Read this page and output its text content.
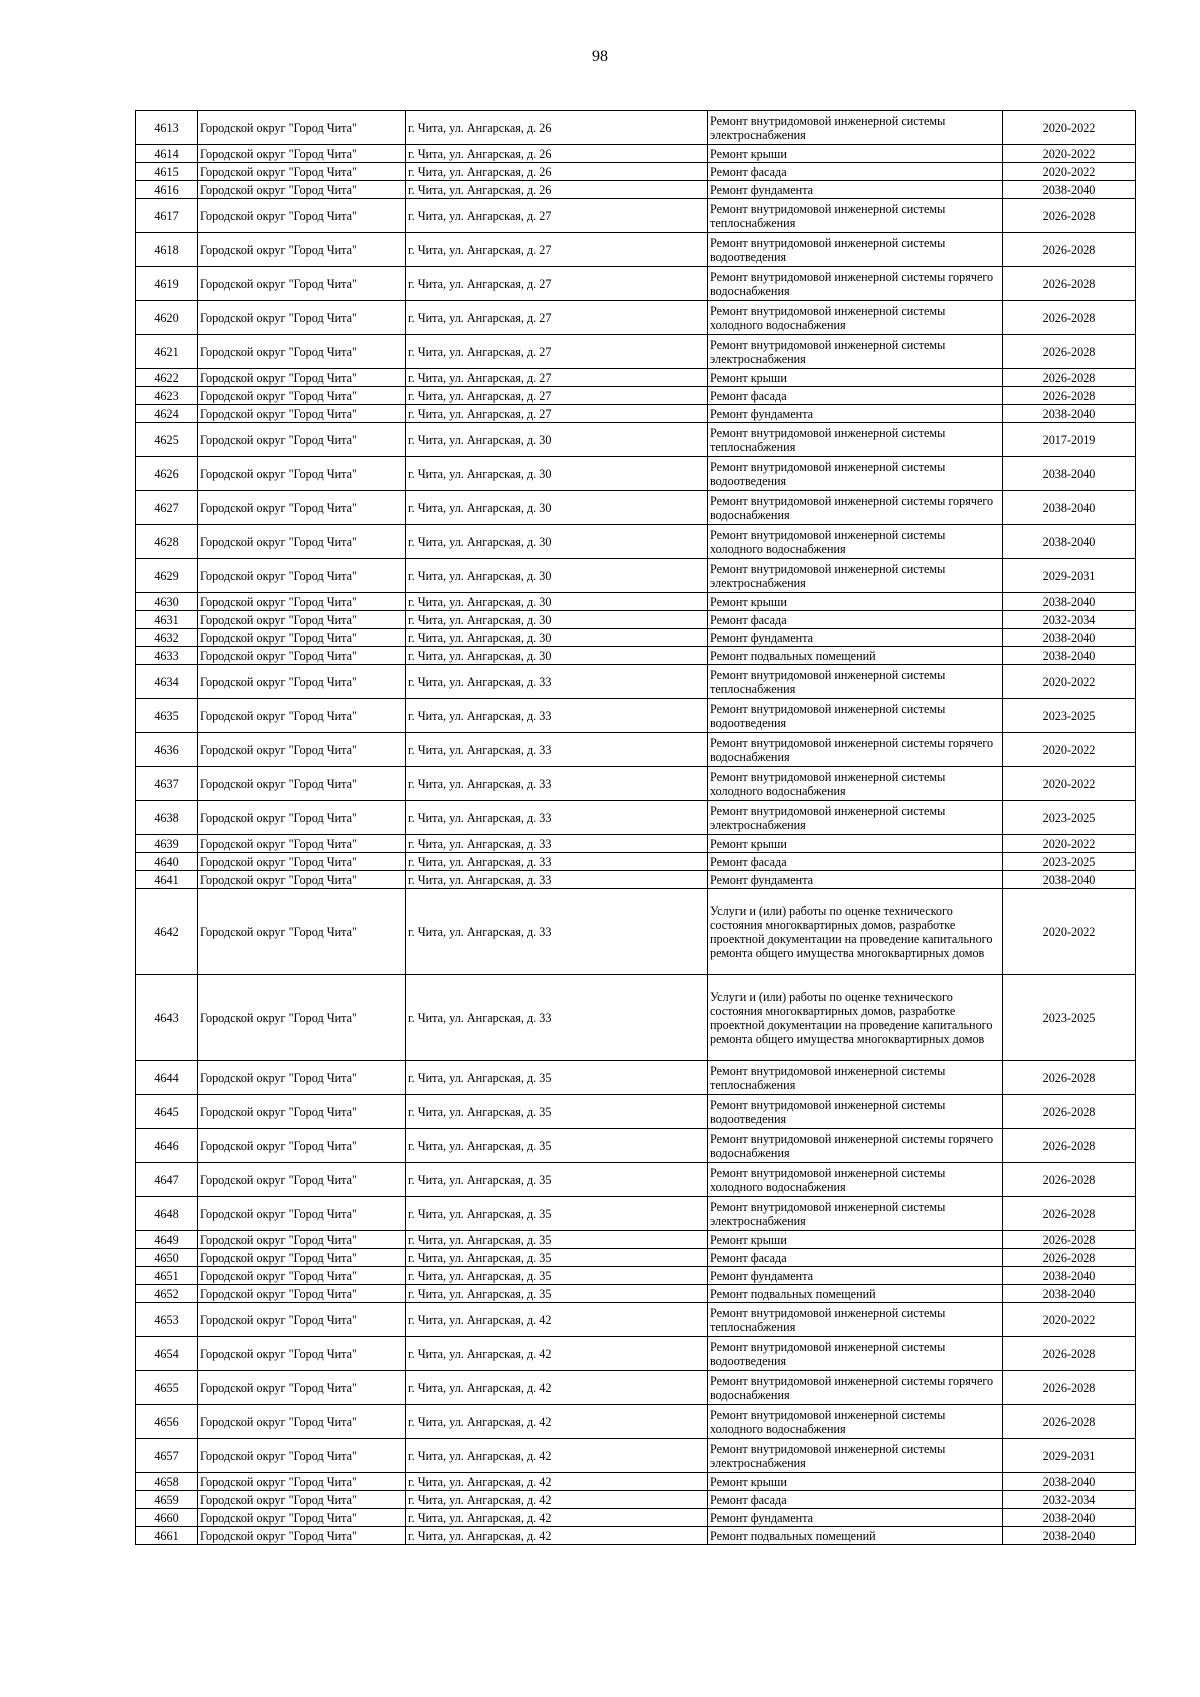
98
4613	Городской округ "Город Чита"	г. Чита, ул. Ангарская, д. 26	Ремонт внутридомовой инженерной системы электроснабжения	2020-2022
4614	Городской округ "Город Чита"	г. Чита, ул. Ангарская, д. 26	Ремонт крыши	2020-2022
4615	Городской округ "Город Чита"	г. Чита, ул. Ангарская, д. 26	Ремонт фасада	2020-2022
4616	Городской округ "Город Чита"	г. Чита, ул. Ангарская, д. 26	Ремонт фундамента	2038-2040
4617	Городской округ "Город Чита"	г. Чита, ул. Ангарская, д. 27	Ремонт внутридомовой инженерной системы теплоснабжения	2026-2028
4618	Городской округ "Город Чита"	г. Чита, ул. Ангарская, д. 27	Ремонт внутридомовой инженерной системы водоотведения	2026-2028
4619	Городской округ "Город Чита"	г. Чита, ул. Ангарская, д. 27	Ремонт внутридомовой инженерной системы горячего водоснабжения	2026-2028
4620	Городской округ "Город Чита"	г. Чита, ул. Ангарская, д. 27	Ремонт внутридомовой инженерной системы холодного водоснабжения	2026-2028
4621	Городской округ "Город Чита"	г. Чита, ул. Ангарская, д. 27	Ремонт внутридомовой инженерной системы электроснабжения	2026-2028
4622	Городской округ "Город Чита"	г. Чита, ул. Ангарская, д. 27	Ремонт крыши	2026-2028
4623	Городской округ "Город Чита"	г. Чита, ул. Ангарская, д. 27	Ремонт фасада	2026-2028
4624	Городской округ "Город Чита"	г. Чита, ул. Ангарская, д. 27	Ремонт фундамента	2038-2040
4625	Городской округ "Город Чита"	г. Чита, ул. Ангарская, д. 30	Ремонт внутридомовой инженерной системы теплоснабжения	2017-2019
4626	Городской округ "Город Чита"	г. Чита, ул. Ангарская, д. 30	Ремонт внутридомовой инженерной системы водоотведения	2038-2040
4627	Городской округ "Город Чита"	г. Чита, ул. Ангарская, д. 30	Ремонт внутридомовой инженерной системы горячего водоснабжения	2038-2040
4628	Городской округ "Город Чита"	г. Чита, ул. Ангарская, д. 30	Ремонт внутридомовой инженерной системы холодного водоснабжения	2038-2040
4629	Городской округ "Город Чита"	г. Чита, ул. Ангарская, д. 30	Ремонт внутридомовой инженерной системы электроснабжения	2029-2031
4630	Городской округ "Город Чита"	г. Чита, ул. Ангарская, д. 30	Ремонт крыши	2038-2040
4631	Городской округ "Город Чита"	г. Чита, ул. Ангарская, д. 30	Ремонт фасада	2032-2034
4632	Городской округ "Город Чита"	г. Чита, ул. Ангарская, д. 30	Ремонт фундамента	2038-2040
4633	Городской округ "Город Чита"	г. Чита, ул. Ангарская, д. 30	Ремонт подвальных помещений	2038-2040
4634	Городской округ "Город Чита"	г. Чита, ул. Ангарская, д. 33	Ремонт внутридомовой инженерной системы теплоснабжения	2020-2022
4635	Городской округ "Город Чита"	г. Чита, ул. Ангарская, д. 33	Ремонт внутридомовой инженерной системы водоотведения	2023-2025
4636	Городской округ "Город Чита"	г. Чита, ул. Ангарская, д. 33	Ремонт внутридомовой инженерной системы горячего водоснабжения	2020-2022
4637	Городской округ "Город Чита"	г. Чита, ул. Ангарская, д. 33	Ремонт внутридомовой инженерной системы холодного водоснабжения	2020-2022
4638	Городской округ "Город Чита"	г. Чита, ул. Ангарская, д. 33	Ремонт внутридомовой инженерной системы электроснабжения	2023-2025
4639	Городской округ "Город Чита"	г. Чита, ул. Ангарская, д. 33	Ремонт крыши	2020-2022
4640	Городской округ "Город Чита"	г. Чита, ул. Ангарская, д. 33	Ремонт фасада	2023-2025
4641	Городской округ "Город Чита"	г. Чита, ул. Ангарская, д. 33	Ремонт фундамента	2038-2040
4642	Городской округ "Город Чита"	г. Чита, ул. Ангарская, д. 33	Услуги и (или) работы по оценке технического состояния многоквартирных домов, разработке проектной документации на проведение капитального ремонта общего имущества многоквартирных домов	2020-2022
4643	Городской округ "Город Чита"	г. Чита, ул. Ангарская, д. 33	Услуги и (или) работы по оценке технического состояния многоквартирных домов, разработке проектной документации на проведение капитального ремонта общего имущества многоквартирных домов	2023-2025
4644	Городской округ "Город Чита"	г. Чита, ул. Ангарская, д. 35	Ремонт внутридомовой инженерной системы теплоснабжения	2026-2028
4645	Городской округ "Город Чита"	г. Чита, ул. Ангарская, д. 35	Ремонт внутридомовой инженерной системы водоотведения	2026-2028
4646	Городской округ "Город Чита"	г. Чита, ул. Ангарская, д. 35	Ремонт внутридомовой инженерной системы горячего водоснабжения	2026-2028
4647	Городской округ "Город Чита"	г. Чита, ул. Ангарская, д. 35	Ремонт внутридомовой инженерной системы холодного водоснабжения	2026-2028
4648	Городской округ "Город Чита"	г. Чита, ул. Ангарская, д. 35	Ремонт внутридомовой инженерной системы электроснабжения	2026-2028
4649	Городской округ "Город Чита"	г. Чита, ул. Ангарская, д. 35	Ремонт крыши	2026-2028
4650	Городской округ "Город Чита"	г. Чита, ул. Ангарская, д. 35	Ремонт фасада	2026-2028
4651	Городской округ "Город Чита"	г. Чита, ул. Ангарская, д. 35	Ремонт фундамента	2038-2040
4652	Городской округ "Город Чита"	г. Чита, ул. Ангарская, д. 35	Ремонт подвальных помещений	2038-2040
4653	Городской округ "Город Чита"	г. Чита, ул. Ангарская, д. 42	Ремонт внутридомовой инженерной системы теплоснабжения	2020-2022
4654	Городской округ "Город Чита"	г. Чита, ул. Ангарская, д. 42	Ремонт внутридомовой инженерной системы водоотведения	2026-2028
4655	Городской округ "Город Чита"	г. Чита, ул. Ангарская, д. 42	Ремонт внутридомовой инженерной системы горячего водоснабжения	2026-2028
4656	Городской округ "Город Чита"	г. Чита, ул. Ангарская, д. 42	Ремонт внутридомовой инженерной системы холодного водоснабжения	2026-2028
4657	Городской округ "Город Чита"	г. Чита, ул. Ангарская, д. 42	Ремонт внутридомовой инженерной системы электроснабжения	2029-2031
4658	Городской округ "Город Чита"	г. Чита, ул. Ангарская, д. 42	Ремонт крыши	2038-2040
4659	Городской округ "Город Чита"	г. Чита, ул. Ангарская, д. 42	Ремонт фасада	2032-2034
4660	Городской округ "Город Чита"	г. Чита, ул. Ангарская, д. 42	Ремонт фундамента	2038-2040
4661	Городской округ "Город Чита"	г. Чита, ул. Ангарская, д. 42	Ремонт подвальных помещений	2038-2040
